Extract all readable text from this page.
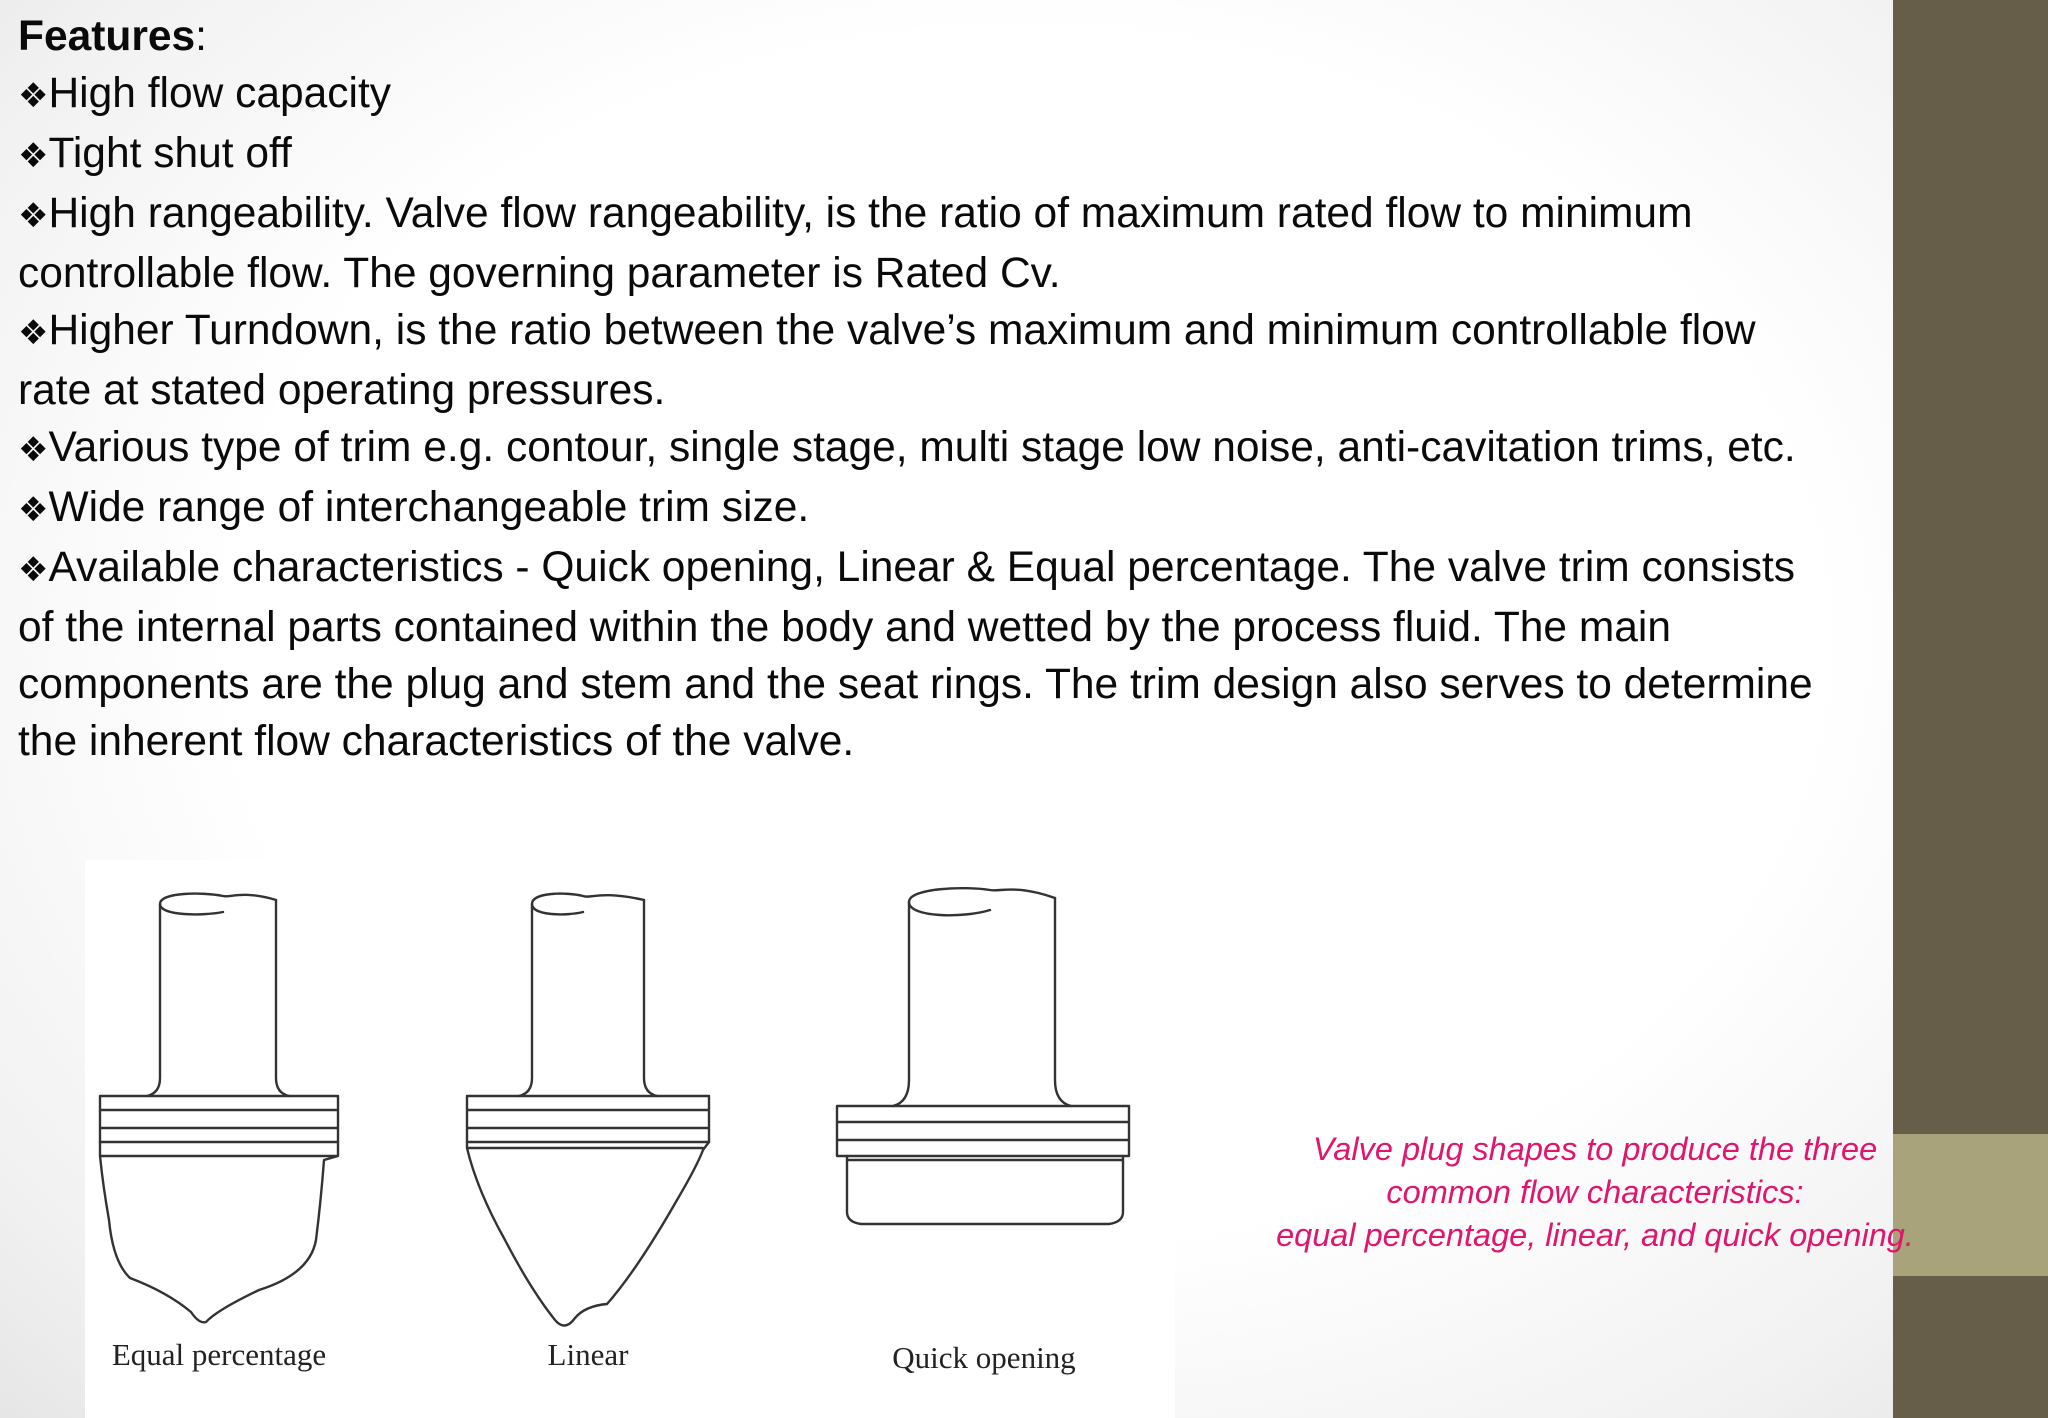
Features:
❖High flow capacity
❖Tight shut off
❖High rangeability. Valve flow rangeability, is the ratio of maximum rated flow to minimum
controllable flow. The governing parameter is Rated Cv.
❖Higher Turndown, is the ratio between the valve’s maximum and minimum controllable flow
rate at stated operating pressures.
❖Various type of trim e.g. contour, single stage, multi stage low noise, anti-cavitation trims, etc.
❖Wide range of interchangeable trim size.
❖Available characteristics - Quick opening, Linear & Equal percentage. The valve trim consists
of the internal parts contained within the body and wetted by the process fluid. The main
components are the plug and stem and the seat rings. The trim design also serves to determine
the inherent flow characteristics of the valve.
Equal percentage	Linear	Quick opening
Valve plug shapes to produce the three
common flow characteristics:
equal percentage, linear, and quick opening.
